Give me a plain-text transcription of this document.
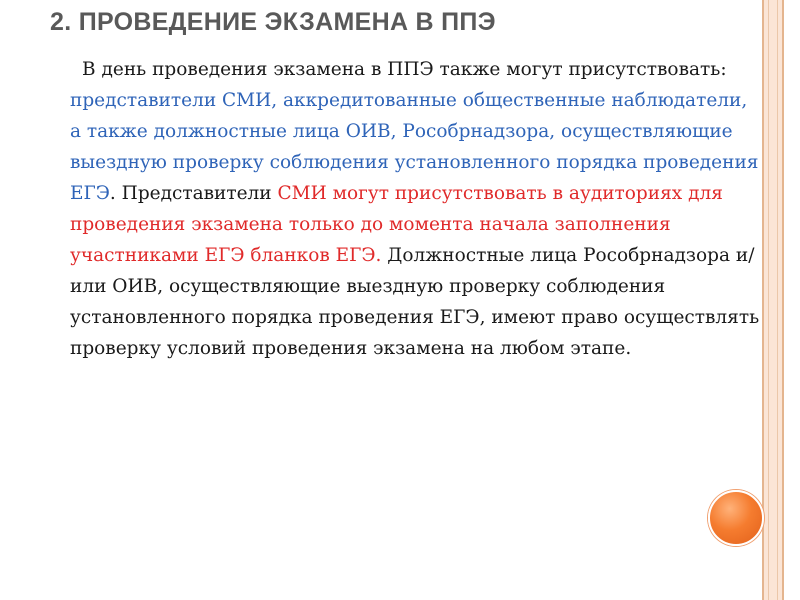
2. ПРОВЕДЕНИЕ ЭКЗАМЕНА В ППЭ

В день проведения экзамена в ППЭ также могут присутствовать: представители СМИ, аккредитованные общественные наблюдатели, а также должностные лица ОИВ, Рособрнадзора, осуществляющие выездную проверку соблюдения установленного порядка проведения ЕГЭ. Представители СМИ могут присутствовать в аудиториях для проведения экзамена только до момента начала заполнения участниками ЕГЭ бланков ЕГЭ. Должностные лица Рособрнадзора и/ или ОИВ, осуществляющие выездную проверку соблюдения установленного порядка проведения ЕГЭ, имеют право осуществлять проверку условий проведения экзамена на любом этапе.
